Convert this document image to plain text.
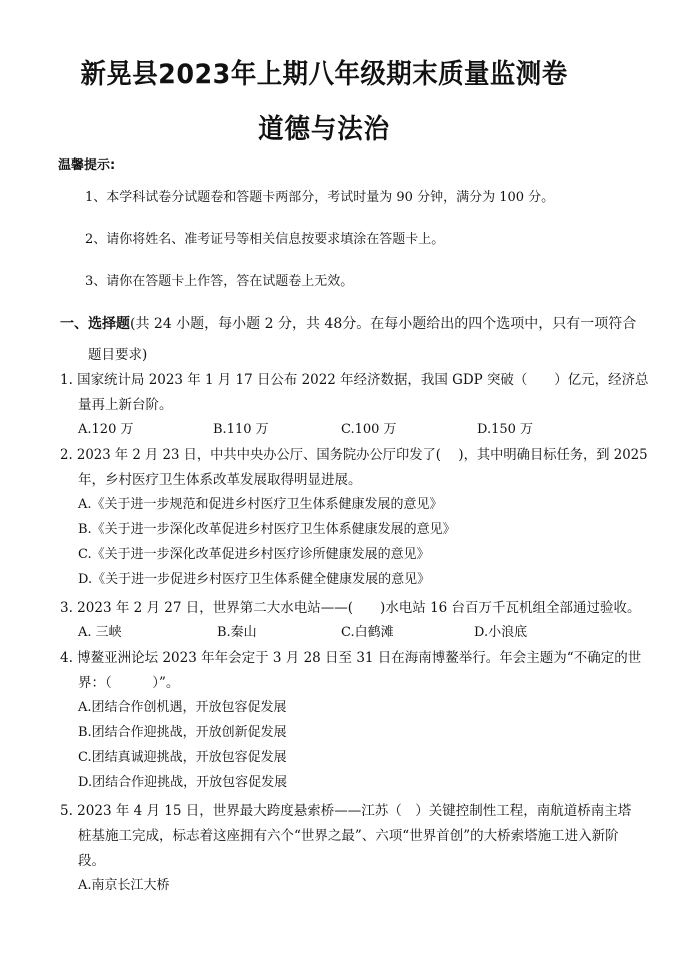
新晃县2023年上期八年级期末质量监测卷
道德与法治
温馨提示:
1、本学科试卷分试题卷和答题卡两部分，考试时量为 90 分钟，满分为 100 分。
2、请你将姓名、准考证号等相关信息按要求填涂在答题卡上。
3、请你在答题卡上作答，答在试题卷上无效。
一、选择题(共 24 小题，每小题 2 分，共 48分。在每小题给出的四个选项中，只有一项符合
题目要求)
1. 国家统计局 2023 年 1 月 17 日公布 2022 年经济数据，我国 GDP 突破（　　）亿元，经济总
量再上新台阶。
A.120 万	B.110 万	C.100 万	D.150 万
2. 2023 年 2 月 23 日，中共中央办公厅、国务院办公厅印发了(　 )，其中明确目标任务，到 2025
年，乡村医疗卫生体系改革发展取得明显进展。
A.《关于进一步规范和促进乡村医疗卫生体系健康发展的意见》
B.《关于进一步深化改革促进乡村医疗卫生体系健康发展的意见》
C.《关于进一步深化改革促进乡村医疗诊所健康发展的意见》
D.《关于进一步促进乡村医疗卫生体系健全健康发展的意见》
3. 2023 年 2 月 27 日，世界第二大水电站——(　　)水电站 16 台百万千瓦机组全部通过验收。
A. 三峡	B.秦山	C.白鹤滩	D.小浪底
4. 博鳌亚洲论坛 2023 年年会定于 3 月 28 日至 31 日在海南博鳌举行。年会主题为“不确定的世
界：（　　　）”。
A.团结合作创机遇，开放包容促发展
B.团结合作迎挑战，开放创新促发展
C.团结真诚迎挑战，开放包容促发展
D.团结合作迎挑战，开放包容促发展
5. 2023 年 4 月 15 日，世界最大跨度悬索桥——江苏（　）关键控制性工程，南航道桥南主塔
桩基施工完成，标志着这座拥有六个“世界之最”、六项“世界首创”的大桥索塔施工进入新阶
段。
A.南京长江大桥
